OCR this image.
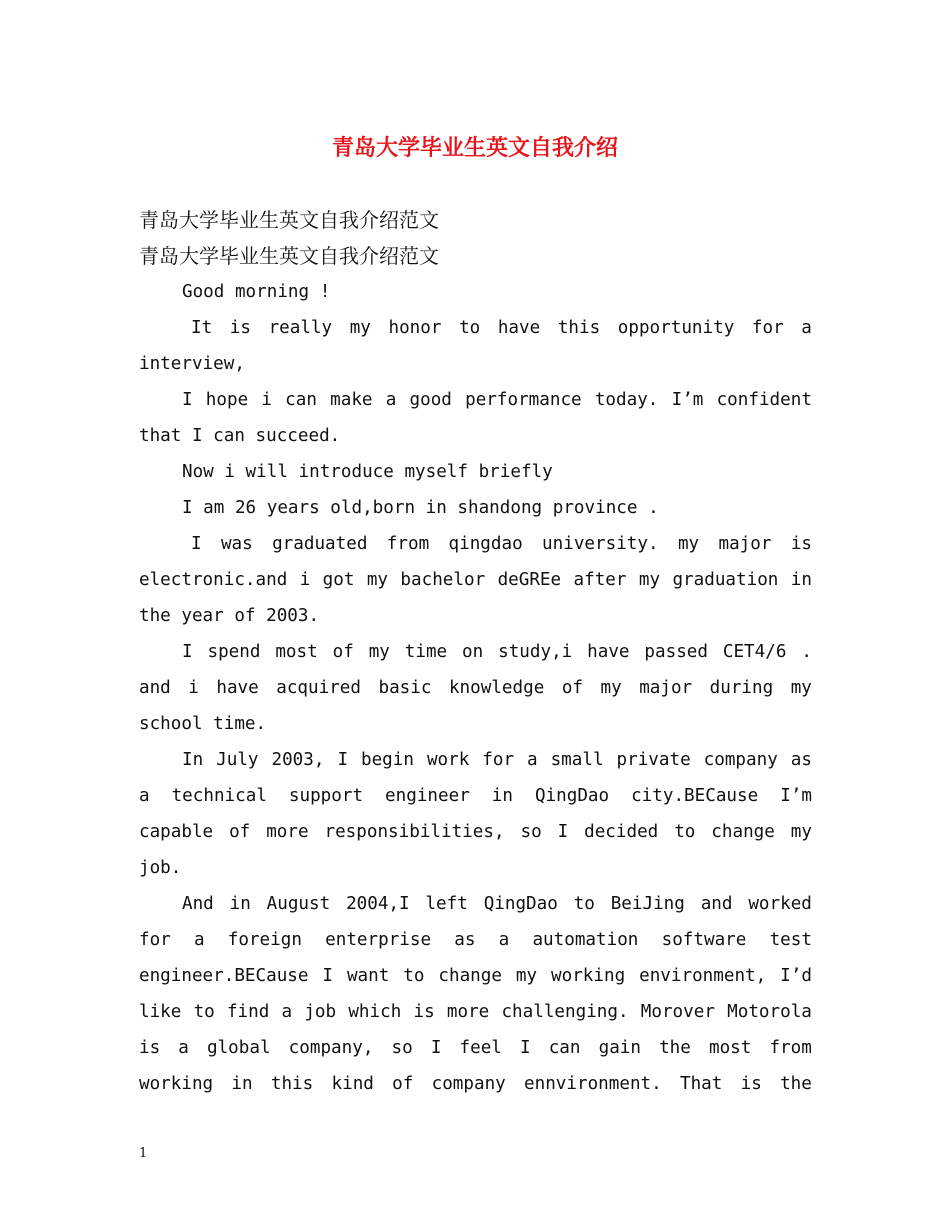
青岛大学毕业生英文自我介绍
青岛大学毕业生英文自我介绍范文
青岛大学毕业生英文自我介绍范文
Good morning !
It is really my honor to have this opportunity for a
interview,
I hope i can make a good performance today. I’m confident
that I can succeed.
Now i will introduce myself briefly
I am 26 years old,born in shandong province .
I was graduated from qingdao university. my major is
electronic.and i got my bachelor deGREe after my graduation in
the year of 2003.
I spend most of my time on study,i have passed CET4/6 .
and i have acquired basic knowledge of my major during my
school time.
In July 2003, I begin work for a small private company as
a technical support engineer in QingDao city.BECause I’m
capable of more responsibilities, so I decided to change my
job.
And in August 2004,I left QingDao to BeiJing and worked
for a foreign enterprise as a automation software test
engineer.BECause I want to change my working environment, I’d
like to find a job which is more challenging. Morover Motorola
is a global company, so I feel I can gain the most from
working in this kind of company ennvironment. That is the
1
